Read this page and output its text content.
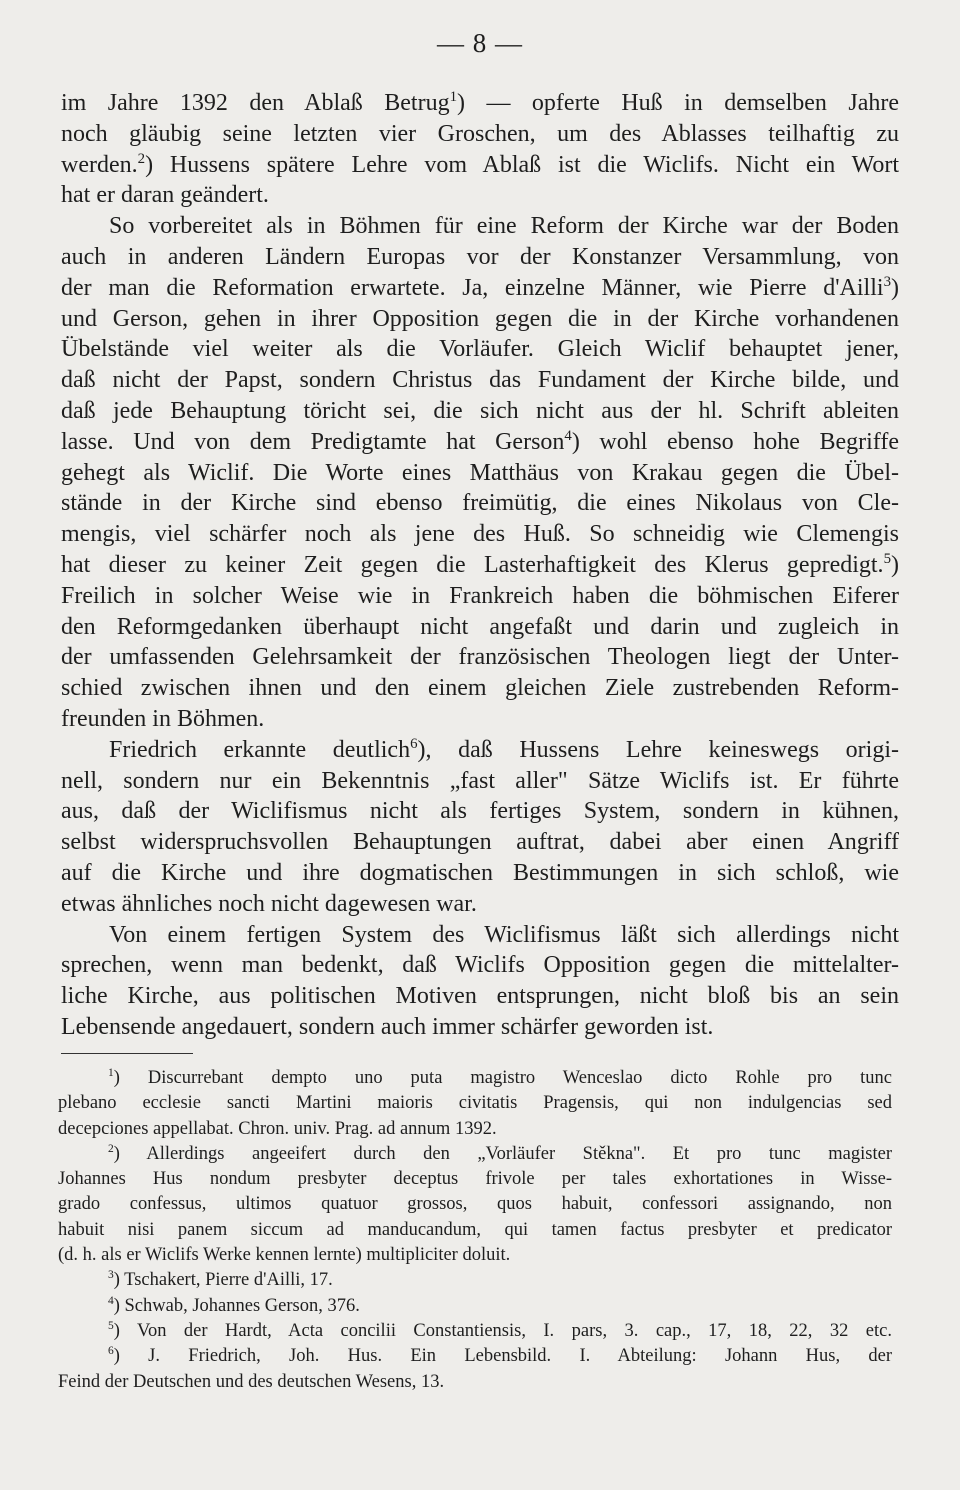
— 8 —
im Jahre 1392 den Ablaß Betrug$^1$) — opferte Huß in demselben Jahre
noch gläubig seine letzten vier Groschen, um des Ablasses teilhaftig zu
werden.$^2$) Hussens spätere Lehre vom Ablaß ist die Wiclifs. Nicht ein Wort
hat er daran geändert.
So vorbereitet als in Böhmen für eine Reform der Kirche war der Boden
auch in anderen Ländern Europas vor der Konstanzer Versammlung, von
der man die Reformation erwartete. Ja, einzelne Männer, wie Pierre d'Ailli$^3$)
und Gerson, gehen in ihrer Opposition gegen die in der Kirche vorhandenen
Übelstände viel weiter als die Vorläufer. Gleich Wiclif behauptet jener,
daß nicht der Papst, sondern Christus das Fundament der Kirche bilde, und
daß jede Behauptung töricht sei, die sich nicht aus der hl. Schrift ableiten
lasse. Und von dem Predigtamte hat Gerson$^4$) wohl ebenso hohe Begriffe
gehegt als Wiclif. Die Worte eines Matthäus von Krakau gegen die Übel-
stände in der Kirche sind ebenso freimütig, die eines Nikolaus von Cle-
mengis, viel schärfer noch als jene des Huß. So schneidig wie Clemengis
hat dieser zu keiner Zeit gegen die Lasterhaftigkeit des Klerus gepredigt.$^5$)
Freilich in solcher Weise wie in Frankreich haben die böhmischen Eiferer
den Reformgedanken überhaupt nicht angefaßt und darin und zugleich in
der umfassenden Gelehrsamkeit der französischen Theologen liegt der Unter-
schied zwischen ihnen und den einem gleichen Ziele zustrebenden Reform-
freunden in Böhmen.
Friedrich erkannte deutlich$^6$), daß Hussens Lehre keineswegs origi-
nell, sondern nur ein Bekenntnis „fast aller" Sätze Wiclifs ist. Er führte
aus, daß der Wiclifismus nicht als fertiges System, sondern in kühnen,
selbst widerspruchsvollen Behauptungen auftrat, dabei aber einen Angriff
auf die Kirche und ihre dogmatischen Bestimmungen in sich schloß, wie
etwas ähnliches noch nicht dagewesen war.
Von einem fertigen System des Wiclifismus läßt sich allerdings nicht
sprechen, wenn man bedenkt, daß Wiclifs Opposition gegen die mittelalter-
liche Kirche, aus politischen Motiven entsprungen, nicht bloß bis an sein
Lebensende angedauert, sondern auch immer schärfer geworden ist.
$^1$) Discurrebant dempto uno puta magistro Wenceslao dicto Rohle pro tunc
plebano ecclesie sancti Martini maioris civitatis Pragensis, qui non indulgencias sed
decepciones appellabat. Chron. univ. Prag. ad annum 1392.
$^2$) Allerdings angeeifert durch den „Vorläufer Stěkna". Et pro tunc magister
Johannes Hus nondum presbyter deceptus frivole per tales exhortationes in Wisse-
grado confessus, ultimos quatuor grossos, quos habuit, confessori assignando, non
habuit nisi panem siccum ad manducandum, qui tamen factus presbyter et predicator
(d. h. als er Wiclifs Werke kennen lernte) multipliciter doluit.
$^3$) Tschakert, Pierre d'Ailli, 17.
$^4$) Schwab, Johannes Gerson, 376.
$^5$) Von der Hardt, Acta concilii Constantiensis, I. pars, 3. cap., 17, 18, 22, 32 etc.
$^6$) J. Friedrich, Joh. Hus. Ein Lebensbild. I. Abteilung: Johann Hus, der
Feind der Deutschen und des deutschen Wesens, 13.
